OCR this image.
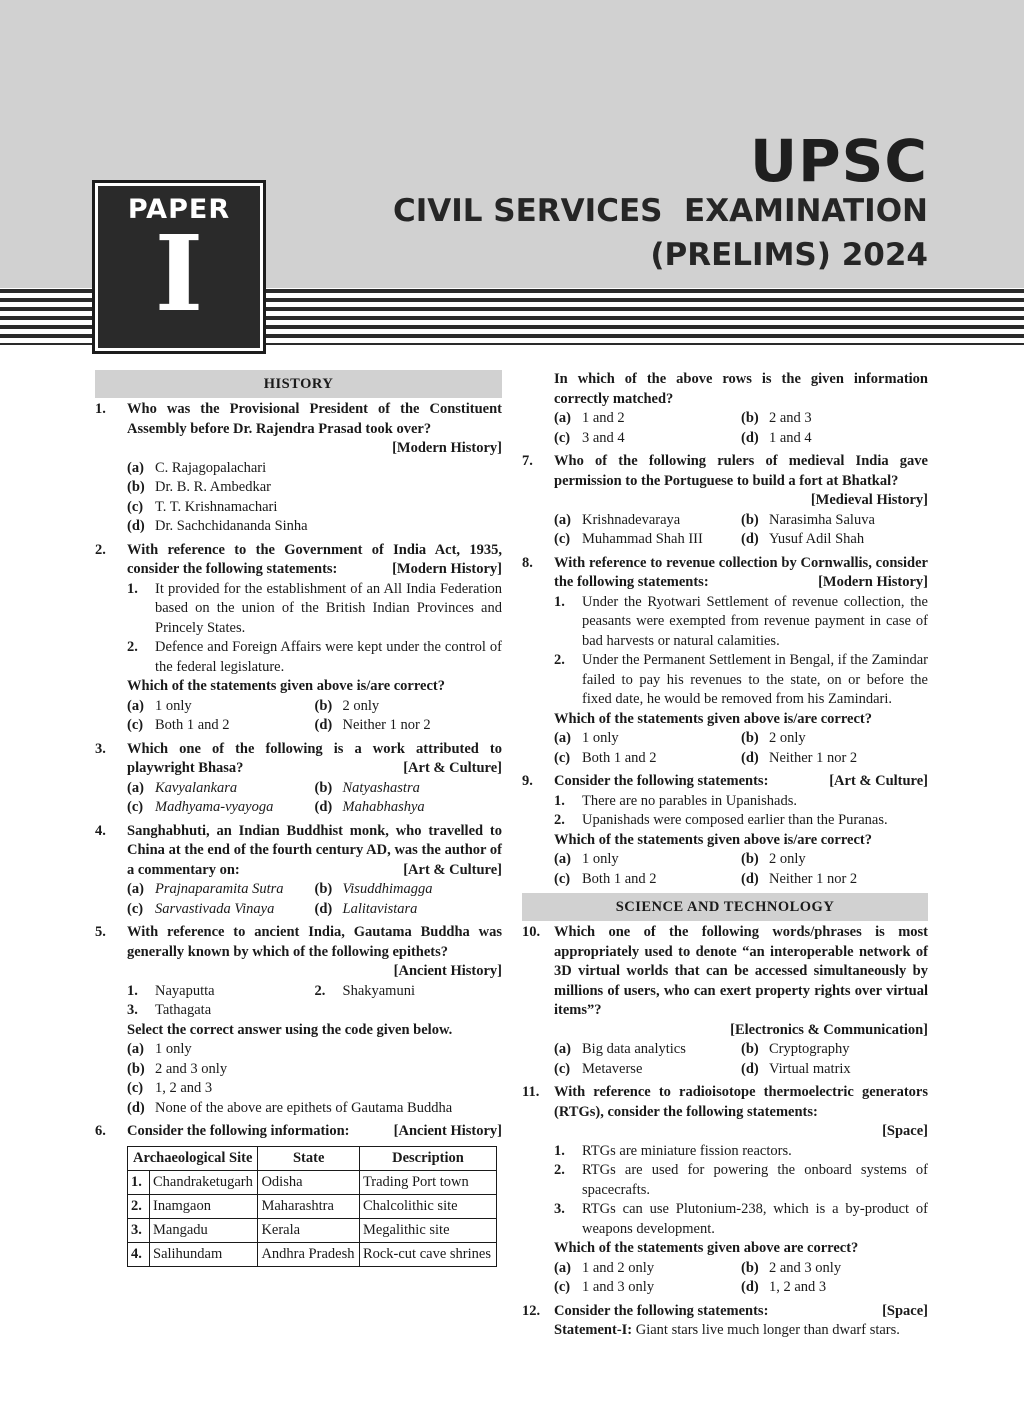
UPSC
CIVIL SERVICES  EXAMINATION
(PRELIMS) 2024
PAPER
I
HISTORY
1.	Who was the Provisional President of the Constituent Assembly before Dr. Rajendra Prasad took over?
[Modern History]
(a) C. Rajagopalachari
(b) Dr. B. R. Ambedkar
(c) T. T. Krishnamachari
(d) Dr. Sachchidananda Sinha
2.	With reference to the Government of India Act, 1935, consider the following statements:	[Modern History]
1.	It provided for the establishment of an All India Federation based on the union of the British Indian Provinces and Princely States.
2.	Defence and Foreign Affairs were kept under the control of the federal legislature.
Which of the statements given above is/are correct?
(a) 1 only	(b) 2 only
(c) Both 1 and 2	(d) Neither 1 nor 2
3.	Which one of the following is a work attributed to playwright Bhasa?	[Art & Culture]
(a) Kavyalankara	(b) Natyashastra
(c) Madhyama-vyayoga	(d) Mahabhashya
4.	Sanghabhuti, an Indian Buddhist monk, who travelled to China at the end of the fourth century AD, was the author of a commentary on:	[Art & Culture]
(a) Prajnaparamita Sutra	(b) Visuddhimagga
(c) Sarvastivada Vinaya	(d) Lalitavistara
5.	With reference to ancient India, Gautama Buddha was generally known by which of the following epithets?
[Ancient History]
1.	Nayaputta	2.	Shakyamuni
3.	Tathagata
Select the correct answer using the code given below.
(a) 1 only
(b) 2 and 3 only
(c) 1, 2 and 3
(d) None of the above are epithets of Gautama Buddha
6.	Consider the following information:	[Ancient History]
Archaeological Site		State	Description
1.	Chandraketugarh	Odisha	Trading Port town
2.	Inamgaon	Maharashtra	Chalcolithic site
3.	Mangadu	Kerala	Megalithic site
4.	Salihundam	Andhra Pradesh	Rock-cut cave shrines
In which of the above rows is the given information correctly matched?
(a) 1 and 2	(b) 2 and 3
(c) 3 and 4	(d) 1 and 4
7.	Who of the following rulers of medieval India gave permission to the Portuguese to build a fort at Bhatkal?
[Medieval History]
(a) Krishnadevaraya	(b) Narasimha Saluva
(c) Muhammad Shah III	(d) Yusuf Adil Shah
8.	With reference to revenue collection by Cornwallis, consider the following statements:	[Modern History]
1.	Under the Ryotwari Settlement of revenue collection, the peasants were exempted from revenue payment in case of bad harvests or natural calamities.
2.	Under the Permanent Settlement in Bengal, if the Zamindar failed to pay his revenues to the state, on or before the fixed date, he would be removed from his Zamindari.
Which of the statements given above is/are correct?
(a) 1 only	(b) 2 only
(c) Both 1 and 2	(d) Neither 1 nor 2
9.	Consider the following statements:	[Art & Culture]
1.	There are no parables in Upanishads.
2.	Upanishads were composed earlier than the Puranas.
Which of the statements given above is/are correct?
(a) 1 only	(b) 2 only
(c) Both 1 and 2	(d) Neither 1 nor 2
SCIENCE AND TECHNOLOGY
10. Which one of the following words/phrases is most appropriately used to denote “an interoperable network of 3D virtual worlds that can be accessed simultaneously by millions of users, who can exert property rights over virtual items”?
[Electronics & Communication]
(a) Big data analytics	(b) Cryptography
(c) Metaverse	(d) Virtual matrix
11.	With reference to radioisotope thermoelectric generators (RTGs), consider the following statements:
[Space]
1.	RTGs are miniature fission reactors.
2.	RTGs are used for powering the onboard systems of spacecrafts.
3.	RTGs can use Plutonium-238, which is a by-product of weapons development.
Which of the statements given above are correct?
(a) 1 and 2 only	(b) 2 and 3 only
(c) 1 and 3 only	(d) 1, 2 and 3
12. Consider the following statements:	[Space]
Statement-I: Giant stars live much longer than dwarf stars.
